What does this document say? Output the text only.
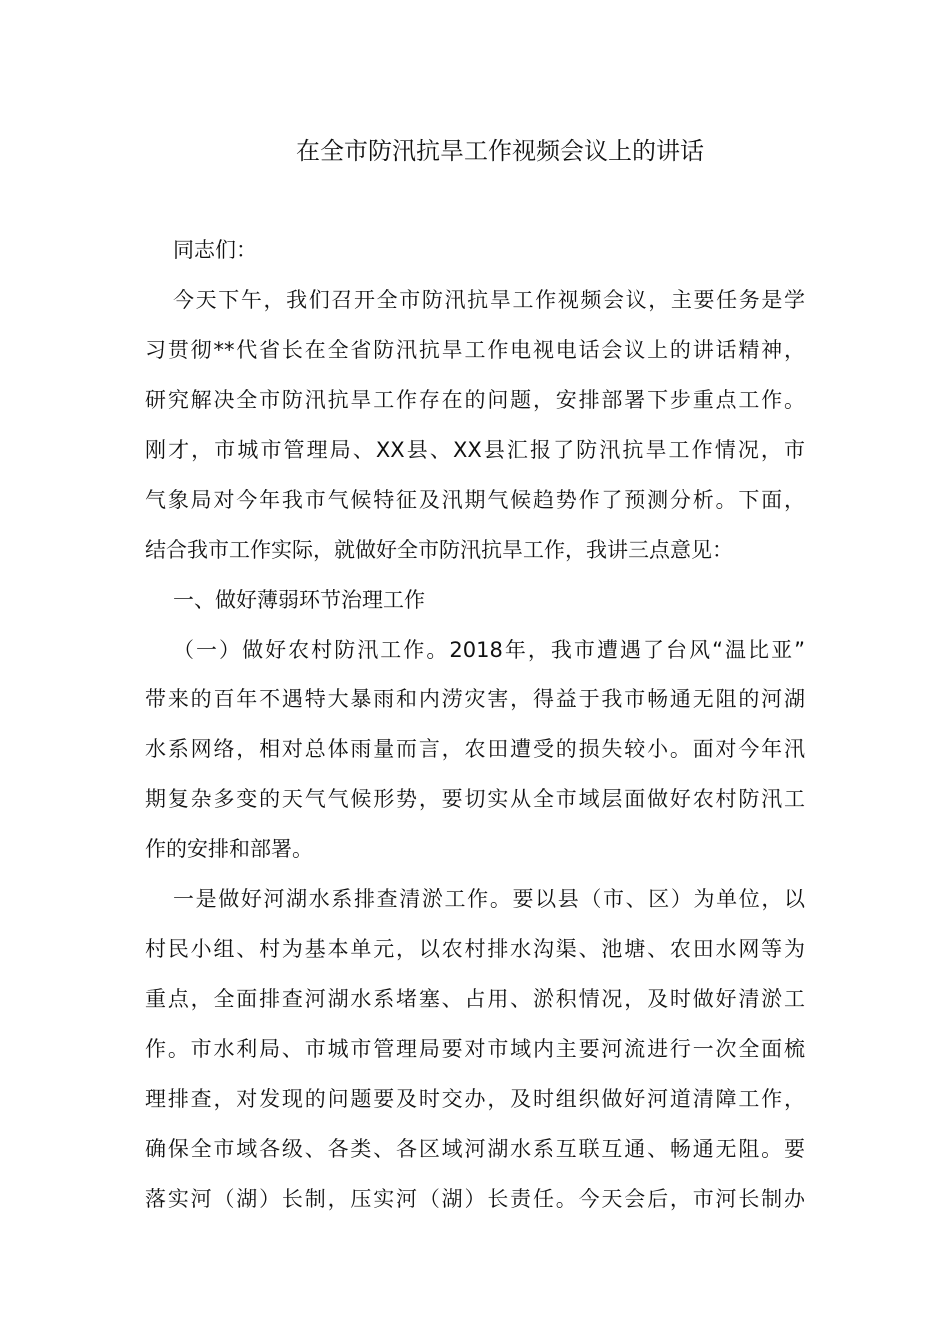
在全市防汛抗旱工作视频会议上的讲话
同志们：
今天下午，我们召开全市防汛抗旱工作视频会议，主要任务是学
习贯彻**代省长在全省防汛抗旱工作电视电话会议上的讲话精神，
研究解决全市防汛抗旱工作存在的问题，安排部署下步重点工作。
刚才，市城市管理局、XX县、XX县汇报了防汛抗旱工作情况，市
气象局对今年我市气候特征及汛期气候趋势作了预测分析。下面，
结合我市工作实际，就做好全市防汛抗旱工作，我讲三点意见：
一、做好薄弱环节治理工作
（一）做好农村防汛工作。2018年，我市遭遇了台风“温比亚”
带来的百年不遇特大暴雨和内涝灾害，得益于我市畅通无阻的河湖
水系网络，相对总体雨量而言，农田遭受的损失较小。面对今年汛
期复杂多变的天气气候形势，要切实从全市域层面做好农村防汛工
作的安排和部署。
一是做好河湖水系排查清淤工作。要以县（市、区）为单位，以
村民小组、村为基本单元，以农村排水沟渠、池塘、农田水网等为
重点，全面排查河湖水系堵塞、占用、淤积情况，及时做好清淤工
作。市水利局、市城市管理局要对市域内主要河流进行一次全面梳
理排查，对发现的问题要及时交办，及时组织做好河道清障工作，
确保全市域各级、各类、各区域河湖水系互联互通、畅通无阻。要
落实河（湖）长制，压实河（湖）长责任。今天会后，市河长制办
